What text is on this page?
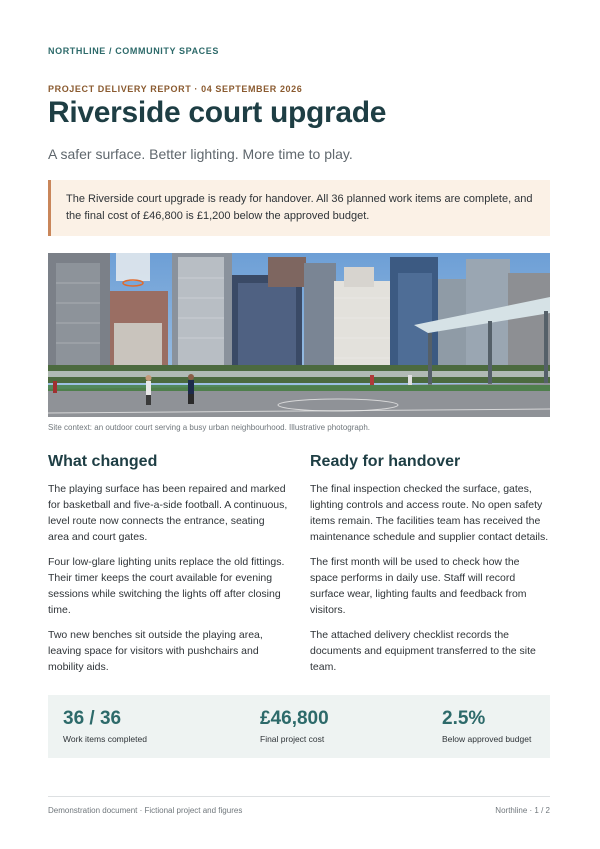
NORTHLINE / COMMUNITY SPACES
PROJECT DELIVERY REPORT · 04 SEPTEMBER 2026
Riverside court upgrade
A safer surface. Better lighting. More time to play.
The Riverside court upgrade is ready for handover. All 36 planned work items are complete, and the final cost of £46,800 is £1,200 below the approved budget.
Site context: an outdoor court serving a busy urban neighbourhood. Illustrative photograph.
What changed

The playing surface has been repaired and marked for basketball and five-a-side football. A continuous, level route now connects the entrance, seating area and court gates.

Four low-glare lighting units replace the old fittings. Their timer keeps the court available for evening sessions while switching the lights off after closing time.

Two new benches sit outside the playing area, leaving space for visitors with pushchairs and mobility aids.

Ready for handover

The final inspection checked the surface, gates, lighting controls and access route. No open safety items remain. The facilities team has received the maintenance schedule and supplier contact details.

The first month will be used to check how the space performs in daily use. Staff will record surface wear, lighting faults and feedback from visitors.

The attached delivery checklist records the documents and equipment transferred to the site team.

36 / 36
Work items completed
£46,800
Final project cost
2.5%
Below approved budget
Demonstration document · Fictional project and figures	Northline · 1 / 2
